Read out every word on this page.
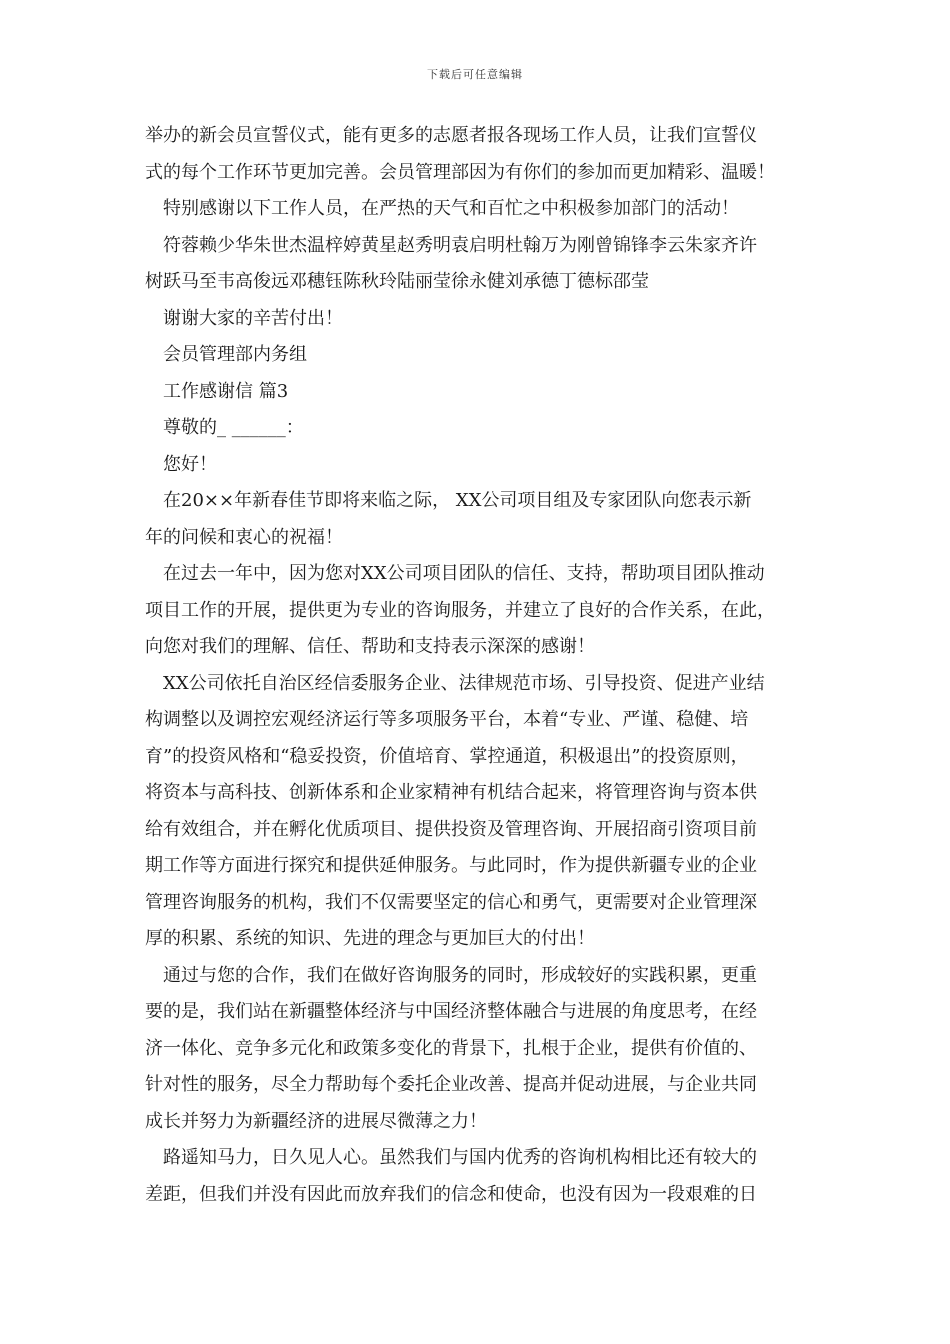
下载后可任意编辑
举办的新会员宣誓仪式，能有更多的志愿者报各现场工作人员，让我们宣誓仪
式的每个工作环节更加完善。会员管理部因为有你们的参加而更加精彩、温暖！
特别感谢以下工作人员，在严热的天气和百忙之中积极参加部门的活动！
符蓉赖少华朱世杰温梓婷黄星赵秀明袁启明杜翰万为刚曾锦锋李云朱家齐许
树跃马至韦高俊远邓穗钰陈秋玲陆丽莹徐永健刘承德丁德标邵莹
谢谢大家的辛苦付出！
会员管理部内务组
工作感谢信 篇3
尊敬的_ ______：
您好！
在20××年新春佳节即将来临之际， XX公司项目组及专家团队向您表示新
年的问候和衷心的祝福！
在过去一年中，因为您对XX公司项目团队的信任、支持，帮助项目团队推动
项目工作的开展，提供更为专业的咨询服务，并建立了良好的合作关系，在此，
向您对我们的理解、信任、帮助和支持表示深深的感谢！
XX公司依托自治区经信委服务企业、法律规范市场、引导投资、促进产业结
构调整以及调控宏观经济运行等多项服务平台，本着“专业、严谨、稳健、培
育”的投资风格和“稳妥投资，价值培育、掌控通道，积极退出”的投资原则，
将资本与高科技、创新体系和企业家精神有机结合起来，将管理咨询与资本供
给有效组合，并在孵化优质项目、提供投资及管理咨询、开展招商引资项目前
期工作等方面进行探究和提供延伸服务。与此同时，作为提供新疆专业的企业
管理咨询服务的机构，我们不仅需要坚定的信心和勇气，更需要对企业管理深
厚的积累、系统的知识、先进的理念与更加巨大的付出！
通过与您的合作，我们在做好咨询服务的同时，形成较好的实践积累，更重
要的是，我们站在新疆整体经济与中国经济整体融合与进展的角度思考，在经
济一体化、竞争多元化和政策多变化的背景下，扎根于企业，提供有价值的、
针对性的服务，尽全力帮助每个委托企业改善、提高并促动进展，与企业共同
成长并努力为新疆经济的进展尽微薄之力！
路遥知马力，日久见人心。虽然我们与国内优秀的咨询机构相比还有较大的
差距，但我们并没有因此而放弃我们的信念和使命，也没有因为一段艰难的日
